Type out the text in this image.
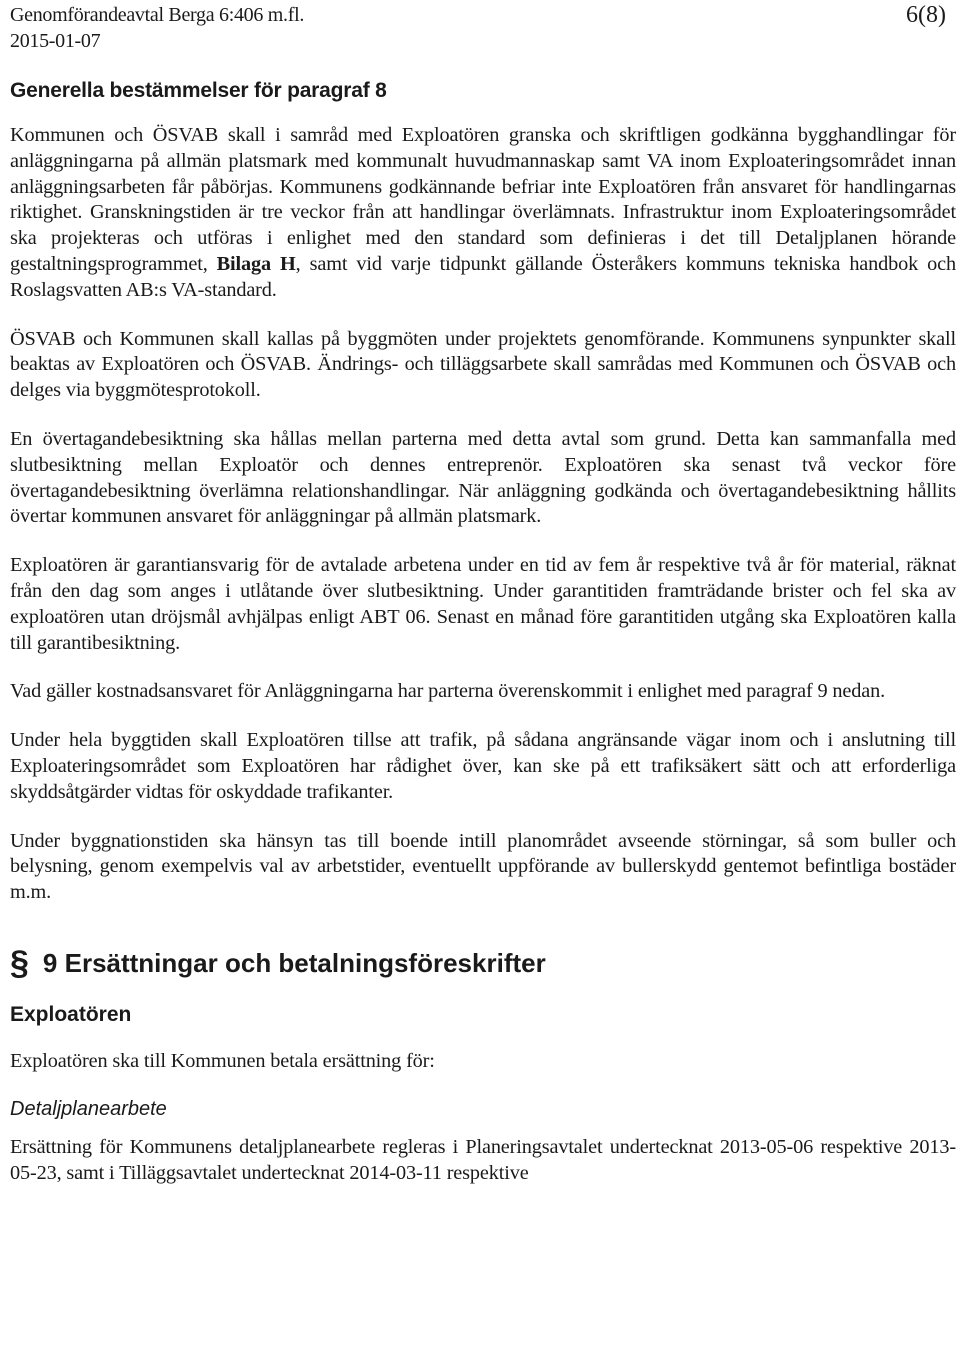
Genomförandeavtal Berga 6:406 m.fl.
2015-01-07
6(8)
Generella bestämmelser för paragraf 8

Kommunen och ÖSVAB skall i samråd med Exploatören granska och skriftligen godkänna bygghandlingar för anläggningarna på allmän platsmark med kommunalt huvudmannaskap samt VA inom Exploateringsområdet innan anläggningsarbeten får påbörjas. Kommunens godkännande befriar inte Exploatören från ansvaret för handlingarnas riktighet. Granskningstiden är tre veckor från att handlingar överlämnats. Infrastruktur inom Exploateringsområdet ska projekteras och utföras i enlighet med den standard som definieras i det till Detaljplanen hörande gestaltningsprogrammet, Bilaga H, samt vid varje tidpunkt gällande Österåkers kommuns tekniska handbok och Roslagsvatten AB:s VA-standard.

ÖSVAB och Kommunen skall kallas på byggmöten under projektets genomförande. Kommunens synpunkter skall beaktas av Exploatören och ÖSVAB. Ändrings- och tilläggsarbete skall samrådas med Kommunen och ÖSVAB och delges via byggmötesprotokoll.

En övertagandebesiktning ska hållas mellan parterna med detta avtal som grund. Detta kan sammanfalla med slutbesiktning mellan Exploatör och dennes entreprenör. Exploatören ska senast två veckor före övertagandebesiktning överlämna relationshandlingar. När anläggning godkända och övertagandebesiktning hållits övertar kommunen ansvaret för anläggningar på allmän platsmark.

Exploatören är garantiansvarig för de avtalade arbetena under en tid av fem år respektive två år för material, räknat från den dag som anges i utlåtande över slutbesiktning. Under garantitiden framträdande brister och fel ska av exploatören utan dröjsmål avhjälpas enligt ABT 06. Senast en månad före garantitiden utgång ska Exploatören kalla till garantibesiktning.

Vad gäller kostnadsansvaret för Anläggningarna har parterna överenskommit i enlighet med paragraf 9 nedan.

Under hela byggtiden skall Exploatören tillse att trafik, på sådana angränsande vägar inom och i anslutning till Exploateringsområdet som Exploatören har rådighet över, kan ske på ett trafiksäkert sätt och att erforderliga skyddsåtgärder vidtas för oskyddade trafikanter.

Under byggnationstiden ska hänsyn tas till boende intill planområdet avseende störningar, så som buller och belysning, genom exempelvis val av arbetstider, eventuellt uppförande av bullerskydd gentemot befintliga bostäder m.m.

§ 9 Ersättningar och betalningsföreskrifter
Exploatören

Exploatören ska till Kommunen betala ersättning för:

Detaljplanearbete

Ersättning för Kommunens detaljplanearbete regleras i Planeringsavtalet undertecknat 2013-05-06 respektive 2013-05-23, samt i Tilläggsavtalet undertecknat 2014-03-11 respektive
